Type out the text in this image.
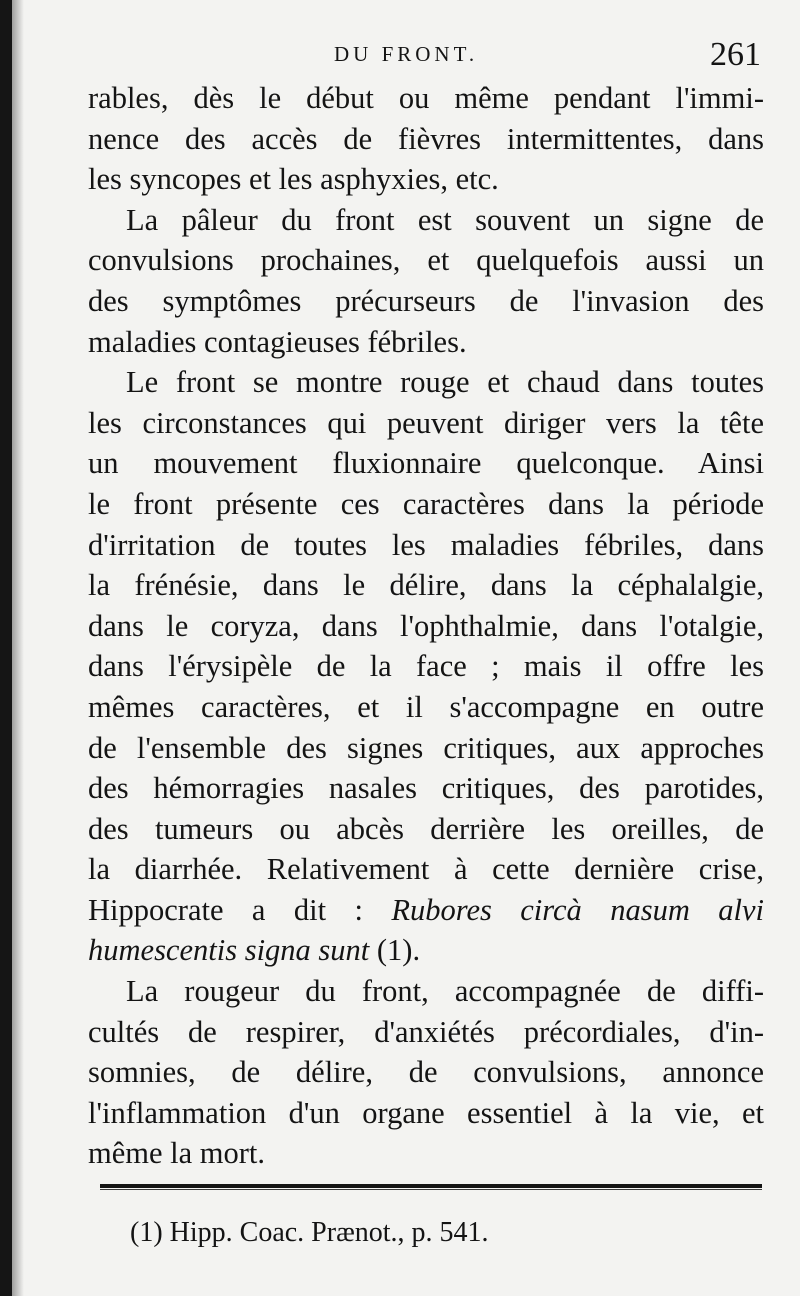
DU FRONT.	261
rables, dès le début ou même pendant l'immi-
nence des accès de fièvres intermittentes, dans
les syncopes et les asphyxies, etc.
La pâleur du front est souvent un signe de
convulsions prochaines, et quelquefois aussi un
des symptômes précurseurs de l'invasion des
maladies contagieuses fébriles.
Le front se montre rouge et chaud dans toutes
les circonstances qui peuvent diriger vers la tête
un mouvement fluxionnaire quelconque. Ainsi
le front présente ces caractères dans la période
d'irritation de toutes les maladies fébriles, dans
la frénésie, dans le délire, dans la céphalalgie,
dans le coryza, dans l'ophthalmie, dans l'otalgie,
dans l'érysipèle de la face ; mais il offre les
mêmes caractères, et il s'accompagne en outre
de l'ensemble des signes critiques, aux approches
des hémorragies nasales critiques, des parotides,
des tumeurs ou abcès derrière les oreilles, de
la diarrhée. Relativement à cette dernière crise,
Hippocrate a dit : Rubores circà nasum alvi
humescentis signa sunt (1).
La rougeur du front, accompagnée de diffi-
cultés de respirer, d'anxiétés précordiales, d'in-
somnies, de délire, de convulsions, annonce
l'inflammation d'un organe essentiel à la vie, et
même la mort.
(1) Hipp. Coac. Prænot., p. 541.
